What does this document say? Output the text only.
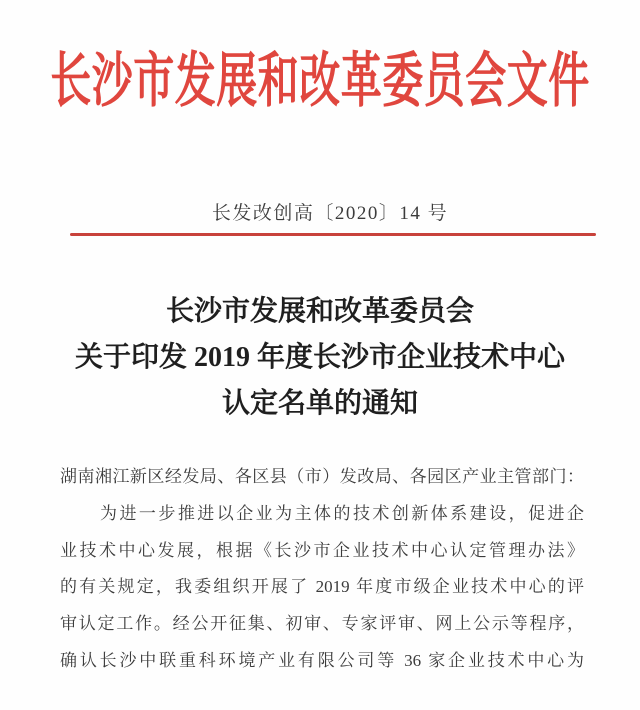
长沙市发展和改革委员会文件
长发改创高〔2020〕14 号
长沙市发展和改革委员会
关于印发 2019 年度长沙市企业技术中心
认定名单的通知
湖南湘江新区经发局、各区县（市）发改局、各园区产业主管部门：
为进一步推进以企业为主体的技术创新体系建设，促进企
业技术中心发展，根据《长沙市企业技术中心认定管理办法》
的有关规定，我委组织开展了 2019 年度市级企业技术中心的评
审认定工作。经公开征集、初审、专家评审、网上公示等程序，
确认长沙中联重科环境产业有限公司等 36 家企业技术中心为
